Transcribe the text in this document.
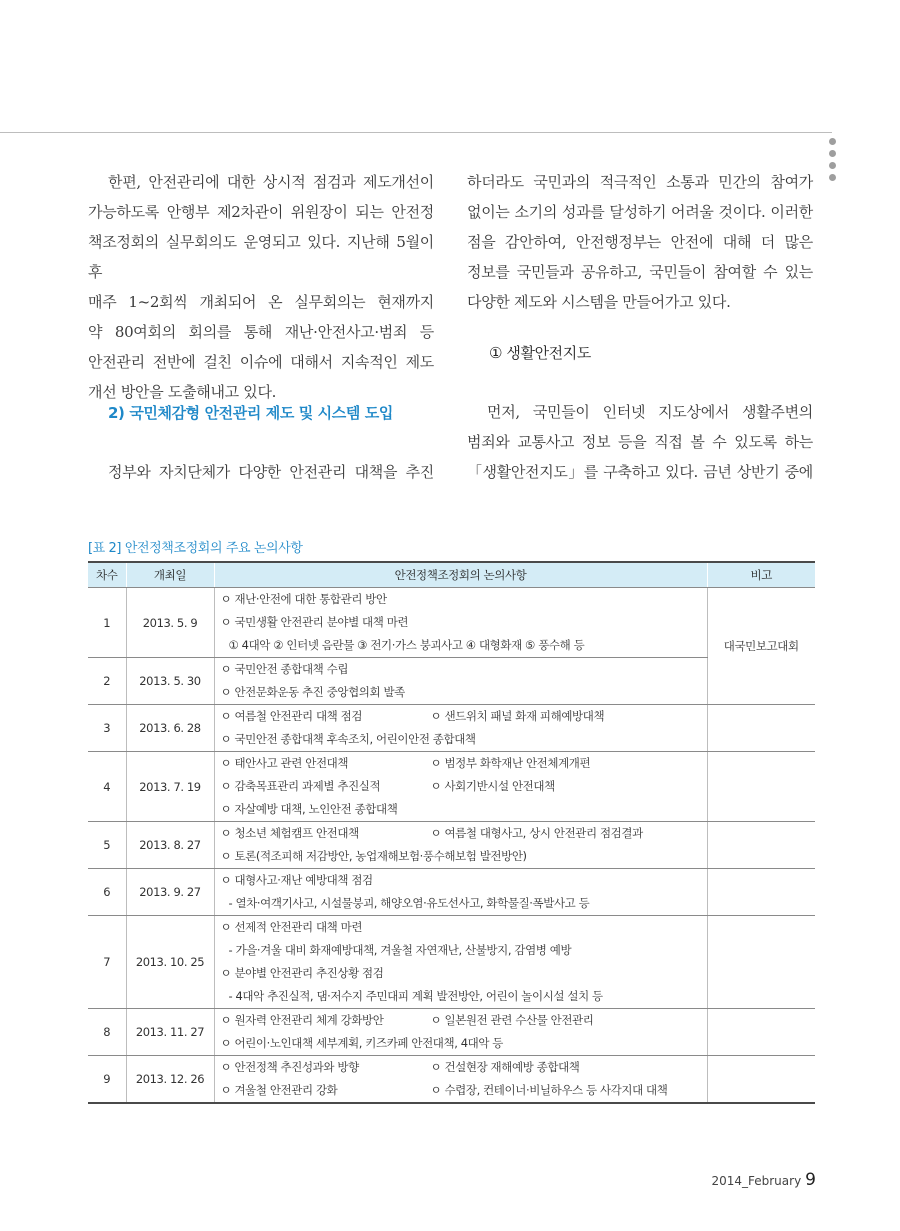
한편, 안전관리에 대한 상시적 점검과 제도개선이

가능하도록 안행부 제2차관이 위원장이 되는 안전정

책조정회의 실무회의도 운영되고 있다. 지난해 5월이후

매주 1~2회씩 개최되어 온 실무회의는 현재까지

약 80여회의 회의를 통해 재난·안전사고·범죄 등

안전관리 전반에 걸친 이슈에 대해서 지속적인 제도

개선 방안을 도출해내고 있다.

2) 국민체감형 안전관리 제도 및 시스템 도입

정부와 자치단체가 다양한 안전관리 대책을 추진

하더라도 국민과의 적극적인 소통과 민간의 참여가

없이는 소기의 성과를 달성하기 어려울 것이다. 이러한

점을 감안하여, 안전행정부는 안전에 대해 더 많은

정보를 국민들과 공유하고, 국민들이 참여할 수 있는

다양한 제도와 시스템을 만들어가고 있다.

① 생활안전지도

먼저, 국민들이 인터넷 지도상에서 생활주변의

범죄와 교통사고 정보 등을 직접 볼 수 있도록 하는

「생활안전지도」를 구축하고 있다. 금년 상반기 중에

[표 2] 안전정책조정회의 주요 논의사항
차수	개최일	안전정책조정회의 논의사항	비고
1	2013. 5. 9	ㅇ 재난·안전에 대한 통합관리 방안
ㅇ 국민생활 안전관리 분야별 대책 마련
① 4대악 ② 인터넷 음란물 ③ 전기·가스 붕괴사고 ④ 대형화재 ⑤ 풍수해 등	대국민보고대회
2	2013. 5. 30	ㅇ 국민안전 종합대책 수립
ㅇ 안전문화운동 추진 중앙협의회 발족	

3	2013. 6. 28	ㅇ 여름철 안전관리 대책 점검 ㅇ 샌드위치 패널 화재 피해예방대책
ㅇ 국민안전 종합대책 후속조치, 어린이안전 종합대책	

4	2013. 7. 19	ㅇ 태안사고 관련 안전대책 ㅇ 범정부 화학재난 안전체계개편
ㅇ 감축목표관리 과제별 추진실적 ㅇ 사회기반시설 안전대책
ㅇ 자살예방 대책, 노인안전 종합대책	

5	2013. 8. 27	ㅇ 청소년 체험캠프 안전대책 ㅇ 여름철 대형사고, 상시 안전관리 점검결과
ㅇ 토론(적조피해 저감방안, 농업재해보험·풍수해보험 발전방안)	

6	2013. 9. 27	ㅇ 대형사고·재난 예방대책 점검
- 열차·여객기사고, 시설물붕괴, 해양오염·유도선사고, 화학물질·폭발사고 등	

7	2013. 10. 25	ㅇ 선제적 안전관리 대책 마련
- 가을·겨울 대비 화재예방대책, 겨울철 자연재난, 산불방지, 감염병 예방
ㅇ 분야별 안전관리 추진상황 점검
- 4대악 추진실적, 댐·저수지 주민대피 계획 발전방안, 어린이 놀이시설 설치 등	

8	2013. 11. 27	ㅇ 원자력 안전관리 체계 강화방안 ㅇ 일본원전 관련 수산물 안전관리
ㅇ 어린이·노인대책 세부계획, 키즈카페 안전대책, 4대악 등	

9	2013. 12. 26	ㅇ 안전정책 추진성과와 방향 ㅇ 건설현장 재해예방 종합대책
ㅇ 겨울철 안전관리 강화 ㅇ 수렵장, 컨테이너·비닐하우스 등 사각지대 대책	

2014_February 9
